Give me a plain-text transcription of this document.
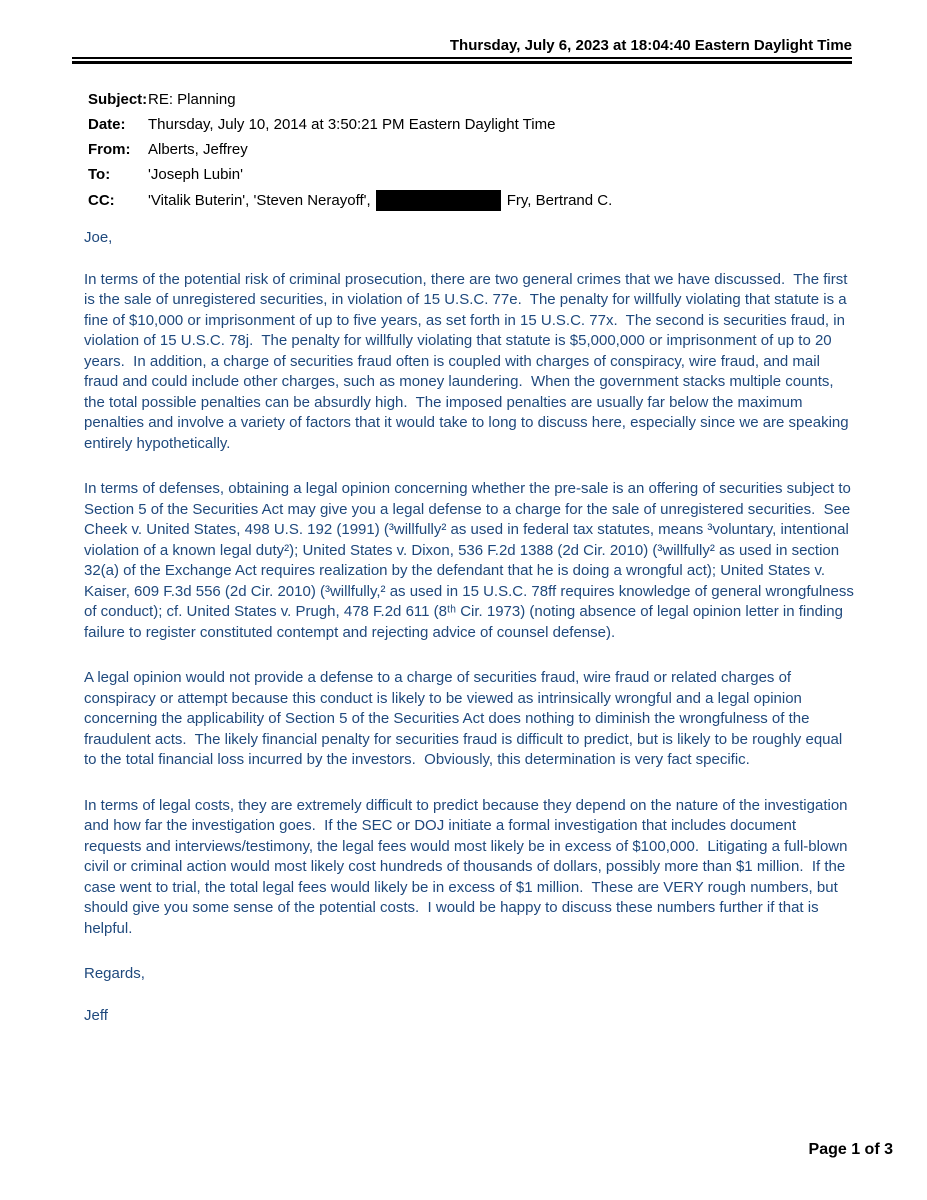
Thursday, July 6, 2023 at 18:04:40 Eastern Daylight Time
Subject: RE: Planning
Date:	Thursday, July 10, 2014 at 3:50:21 PM Eastern Daylight Time
From:	Alberts, Jeffrey
To:	'Joseph Lubin'
CC:	'Vitalik Buterin', 'Steven Nerayoff',	Fry, Bertrand C.

Joe,

In terms of the potential risk of criminal prosecution, there are two general crimes that we have discussed.  The first is the sale of unregistered securities, in violation of 15 U.S.C. 77e.  The penalty for willfully violating that statute is a fine of $10,000 or imprisonment of up to five years, as set forth in 15 U.S.C. 77x.  The second is securities fraud, in violation of 15 U.S.C. 78j.  The penalty for willfully violating that statute is $5,000,000 or imprisonment of up to 20 years.  In addition, a charge of securities fraud often is coupled with charges of conspiracy, wire fraud, and mail fraud and could include other charges, such as money laundering.  When the government stacks multiple counts, the total possible penalties can be absurdly high.  The imposed penalties are usually far below the maximum penalties and involve a variety of factors that it would take to long to discuss here, especially since we are speaking entirely hypothetically.

In terms of defenses, obtaining a legal opinion concerning whether the pre-sale is an offering of securities subject to Section 5 of the Securities Act may give you a legal defense to a charge for the sale of unregistered securities.  See Cheek v. United States, 498 U.S. 192 (1991) (³willfully² as used in federal tax statutes, means ³voluntary, intentional violation of a known legal duty²); United States v. Dixon, 536 F.2d 1388 (2d Cir. 2010) (³willfully² as used in section 32(a) of the Exchange Act requires realization by the defendant that he is doing a wrongful act); United States v. Kaiser, 609 F.3d 556 (2d Cir. 2010) (³willfully,² as used in 15 U.S.C. 78ff requires knowledge of general wrongfulness of conduct); cf. United States v. Prugh, 478 F.2d 611 (8ᵗʰ Cir. 1973) (noting absence of legal opinion letter in finding failure to register constituted contempt and rejecting advice of counsel defense).

A legal opinion would not provide a defense to a charge of securities fraud, wire fraud or related charges of conspiracy or attempt because this conduct is likely to be viewed as intrinsically wrongful and a legal opinion concerning the applicability of Section 5 of the Securities Act does nothing to diminish the wrongfulness of the fraudulent acts.  The likely financial penalty for securities fraud is difficult to predict, but is likely to be roughly equal to the total financial loss incurred by the investors.  Obviously, this determination is very fact specific.

In terms of legal costs, they are extremely difficult to predict because they depend on the nature of the investigation and how far the investigation goes.  If the SEC or DOJ initiate a formal investigation that includes document requests and interviews/testimony, the legal fees would most likely be in excess of $100,000.  Litigating a full-blown civil or criminal action would most likely cost hundreds of thousands of dollars, possibly more than $1 million.  If the case went to trial, the total legal fees would likely be in excess of $1 million.  These are VERY rough numbers, but should give you some sense of the potential costs.  I would be happy to discuss these numbers further if that is helpful.

Regards,

Jeff

Page 1 of 3
